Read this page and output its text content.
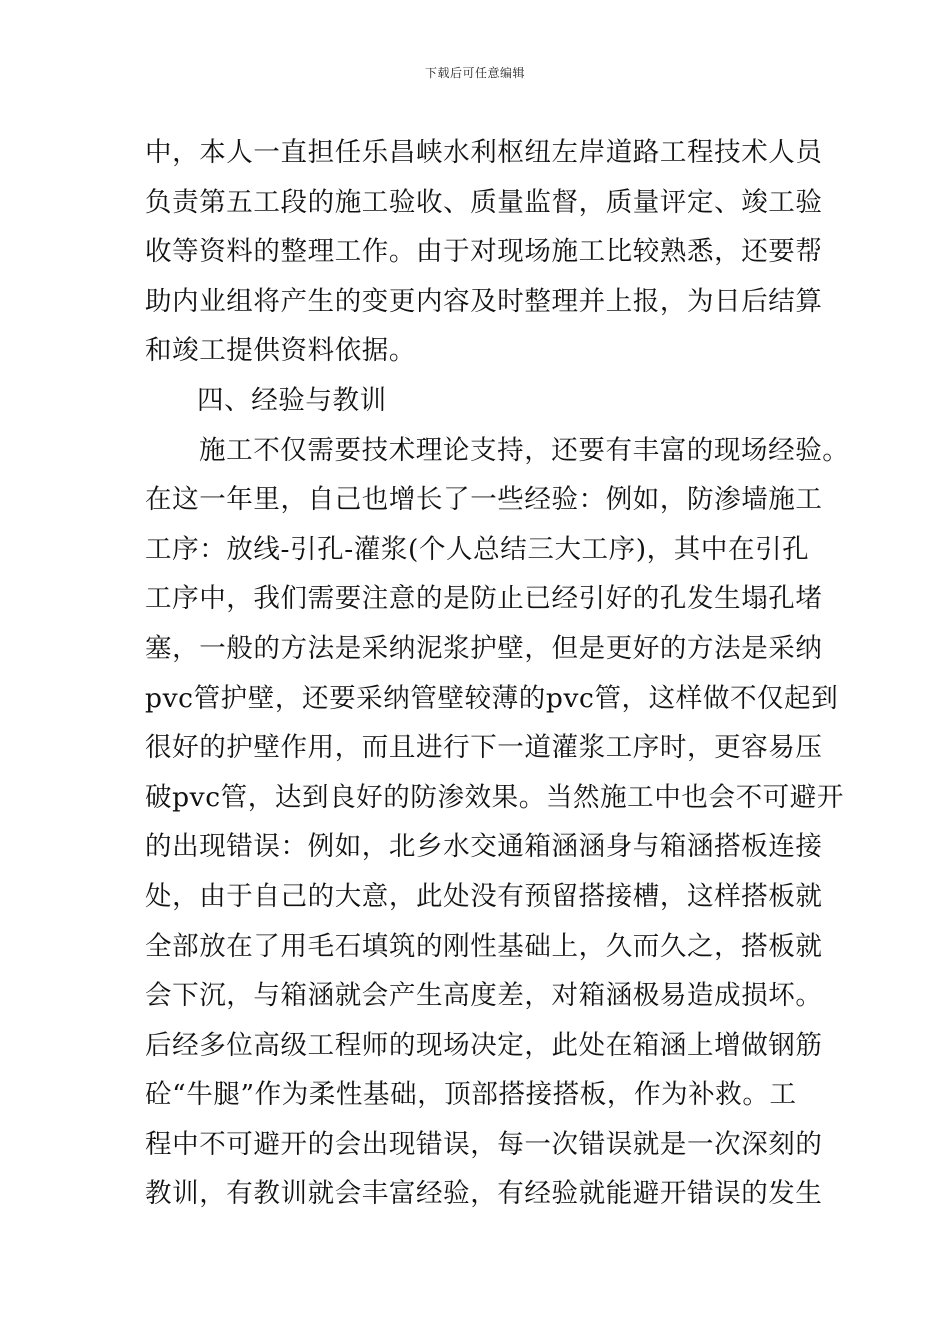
下载后可任意编辑
中，本人一直担任乐昌峡水利枢纽左岸道路工程技术人员
负责第五工段的施工验收、质量监督，质量评定、竣工验
收等资料的整理工作。由于对现场施工比较熟悉，还要帮
助内业组将产生的变更内容及时整理并上报，为日后结算
和竣工提供资料依据。
四、经验与教训
施工不仅需要技术理论支持，还要有丰富的现场经验。
在这一年里，自己也增长了一些经验：例如，防渗墙施工
工序：放线-引孔-灌浆(个人总结三大工序)，其中在引孔
工序中，我们需要注意的是防止已经引好的孔发生塌孔堵
塞，一般的方法是采纳泥浆护壁，但是更好的方法是采纳
pvc管护壁，还要采纳管壁较薄的pvc管，这样做不仅起到
很好的护壁作用，而且进行下一道灌浆工序时，更容易压
破pvc管，达到良好的防渗效果。当然施工中也会不可避开
的出现错误：例如，北乡水交通箱涵涵身与箱涵搭板连接
处，由于自己的大意，此处没有预留搭接槽，这样搭板就
全部放在了用毛石填筑的刚性基础上，久而久之，搭板就
会下沉，与箱涵就会产生高度差，对箱涵极易造成损坏。
后经多位高级工程师的现场决定，此处在箱涵上增做钢筋
砼“牛腿”作为柔性基础，顶部搭接搭板，作为补救。工
程中不可避开的会出现错误，每一次错误就是一次深刻的
教训，有教训就会丰富经验，有经验就能避开错误的发生
